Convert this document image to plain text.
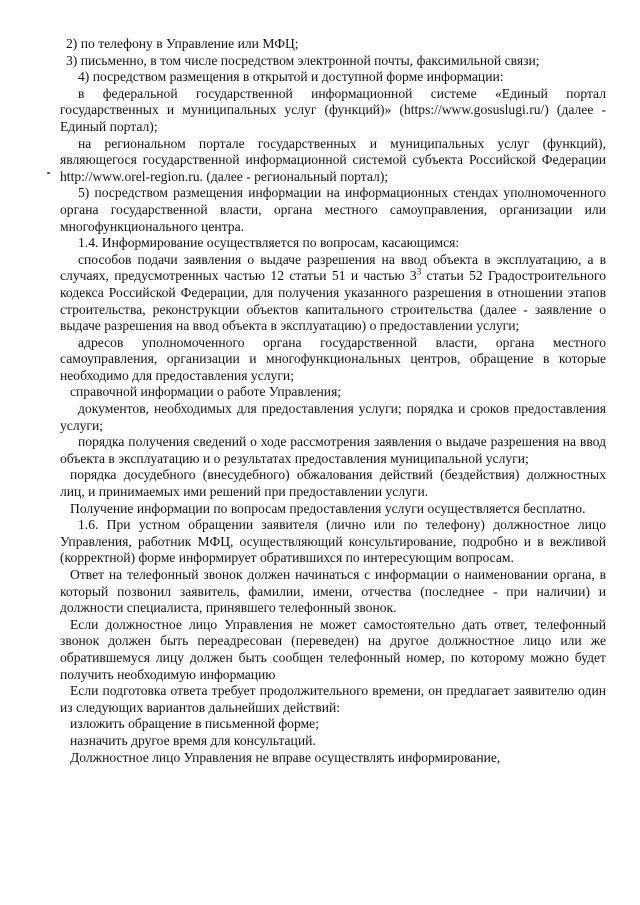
2) по телефону в Управление или МФЦ;

3) письменно, в том числе посредством электронной почты, факсимильной связи;

4) посредством размещения в открытой и доступной форме информации:

в федеральной государственной информационной системе «Единый портал государственных и муниципальных услуг (функций)» (https://www.gosuslugi.ru/) (далее - Единый портал);

на региональном портале государственных и муниципальных услуг (функций), являющегося государственной информационной системой субъекта Российской Федерации http://www.orel-region.ru. (далее - региональный портал);

5) посредством размещения информации на информационных стендах уполномоченного органа государственной власти, органа местного самоуправления, организации или многофункционального центра.

1.4. Информирование осуществляется по вопросам, касающимся:

способов подачи заявления о выдаче разрешения на ввод объекта в эксплуатацию, а в случаях, предусмотренных частью 12 статьи 51 и частью $3^3$ статьи 52 Градостроительного кодекса Российской Федерации, для получения указанного разрешения в отношении этапов строительства, реконструкции объектов капитального строительства (далее - заявление о выдаче разрешения на ввод объекта в эксплуатацию) о предоставлении услуги;

адресов уполномоченного органа государственной власти, органа местного самоуправления, организации и многофункциональных центров, обращение в которые необходимо для предоставления услуги;

справочной информации о работе Управления;

документов, необходимых для предоставления услуги; порядка и сроков предоставления услуги;

порядка получения сведений о ходе рассмотрения заявления о выдаче разрешения на ввод объекта в эксплуатацию и о результатах предоставления муниципальной услуги;

порядка досудебного (внесудебного) обжалования действий (бездействия) должностных лиц, и принимаемых ими решений при предоставлении услуги.

Получение информации по вопросам предоставления услуги осуществляется бесплатно.

1.6. При устном обращении заявителя (лично или по телефону) должностное лицо Управления, работник МФЦ, осуществляющий консультирование, подробно и в вежливой (корректной) форме информирует обратившихся по интересующим вопросам.

Ответ на телефонный звонок должен начинаться с информации о наименовании органа, в который позвонил заявитель, фамилии, имени, отчества (последнее - при наличии) и должности специалиста, принявшего телефонный звонок.

Если должностное лицо Управления не может самостоятельно дать ответ, телефонный звонок должен быть переадресован (переведен) на другое должностное лицо или же обратившемуся лицу должен быть сообщен телефонный номер, по которому можно будет получить необходимую информацию

Если подготовка ответа требует продолжительного времени, он предлагает заявителю один из следующих вариантов дальнейших действий:

изложить обращение в письменной форме;

назначить другое время для консультаций.

Должностное лицо Управления не вправе осуществлять информирование,
